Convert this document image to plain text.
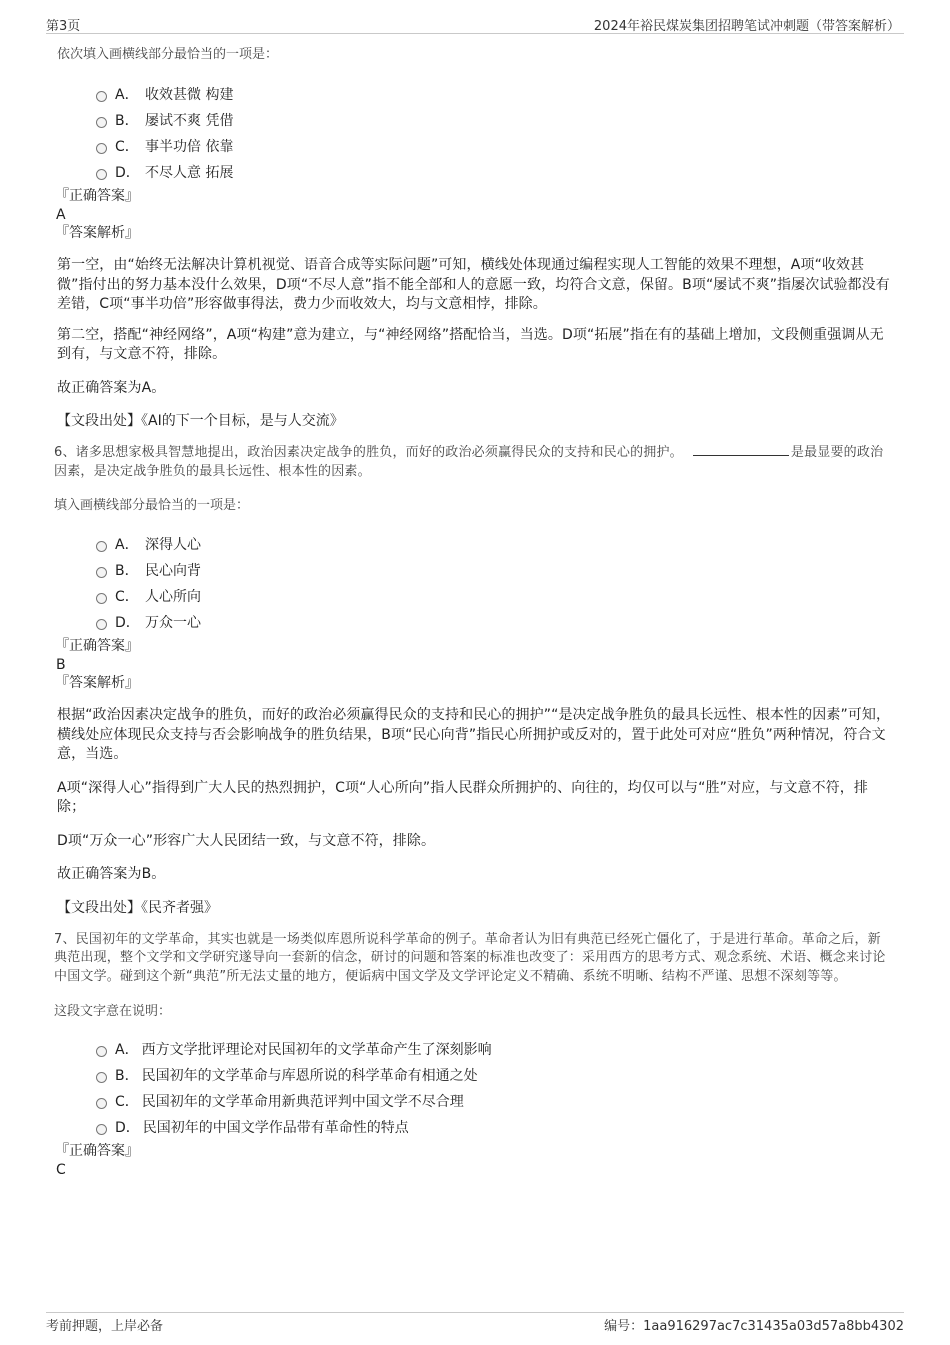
第3页	2024年裕民煤炭集团招聘笔试冲刺题（带答案解析）

依次填入画横线部分最恰当的一项是：

A． 收效甚微 构建
B． 屡试不爽 凭借
C． 事半功倍 依靠
D． 不尽人意 拓展

『正确答案』

A

『答案解析』

第一空，由“始终无法解决计算机视觉、语音合成等实际问题”可知，横线处体现通过编程实现人工智能的效果不理想，A项“收效甚微”指付出的努力基本没什么效果，D项“不尽人意”指不能全部和人的意愿一致，均符合文意，保留。B项“屡试不爽”指屡次试验都没有差错，C项“事半功倍”形容做事得法，费力少而收效大，均与文意相悖，排除。

第二空，搭配“神经网络”，A项“构建”意为建立，与“神经网络”搭配恰当，当选。D项“拓展”指在有的基础上增加，文段侧重强调从无到有，与文意不符，排除。

故正确答案为A。

【文段出处】《AI的下一个目标，是与人交流》

6、诸多思想家极具智慧地提出，政治因素决定战争的胜负，而好的政治必须赢得民众的支持和民心的拥护。	是最显要的政治因素，是决定战争胜负的最具长远性、根本性的因素。

填入画横线部分最恰当的一项是：

A． 深得人心
B． 民心向背
C． 人心所向
D． 万众一心

『正确答案』

B

『答案解析』

根据“政治因素决定战争的胜负，而好的政治必须赢得民众的支持和民心的拥护”“是决定战争胜负的最具长远性、根本性的因素”可知，横线处应体现民众支持与否会影响战争的胜负结果，B项“民心向背”指民心所拥护或反对的，置于此处可对应“胜负”两种情况，符合文意，当选。

A项“深得人心”指得到广大人民的热烈拥护，C项“人心所向”指人民群众所拥护的、向往的，均仅可以与“胜”对应，与文意不符，排除；

D项“万众一心”形容广大人民团结一致，与文意不符，排除。

故正确答案为B。

【文段出处】《民齐者强》

7、民国初年的文学革命，其实也就是一场类似库恩所说科学革命的例子。革命者认为旧有典范已经死亡僵化了，于是进行革命。革命之后，新典范出现，整个文学和文学研究遂导向一套新的信念，研讨的问题和答案的标准也改变了：采用西方的思考方式、观念系统、术语、概念来讨论中国文学。碰到这个新“典范”所无法丈量的地方，便诟病中国文学及文学评论定义不精确、系统不明晰、结构不严谨、思想不深刻等等。

这段文字意在说明：

A． 西方文学批评理论对民国初年的文学革命产生了深刻影响
B． 民国初年的文学革命与库恩所说的科学革命有相通之处
C． 民国初年的文学革命用新典范评判中国文学不尽合理
D． 民国初年的中国文学作品带有革命性的特点

『正确答案』

C

考前押题，上岸必备	编号：1aa916297ac7c31435a03d57a8bb4302
